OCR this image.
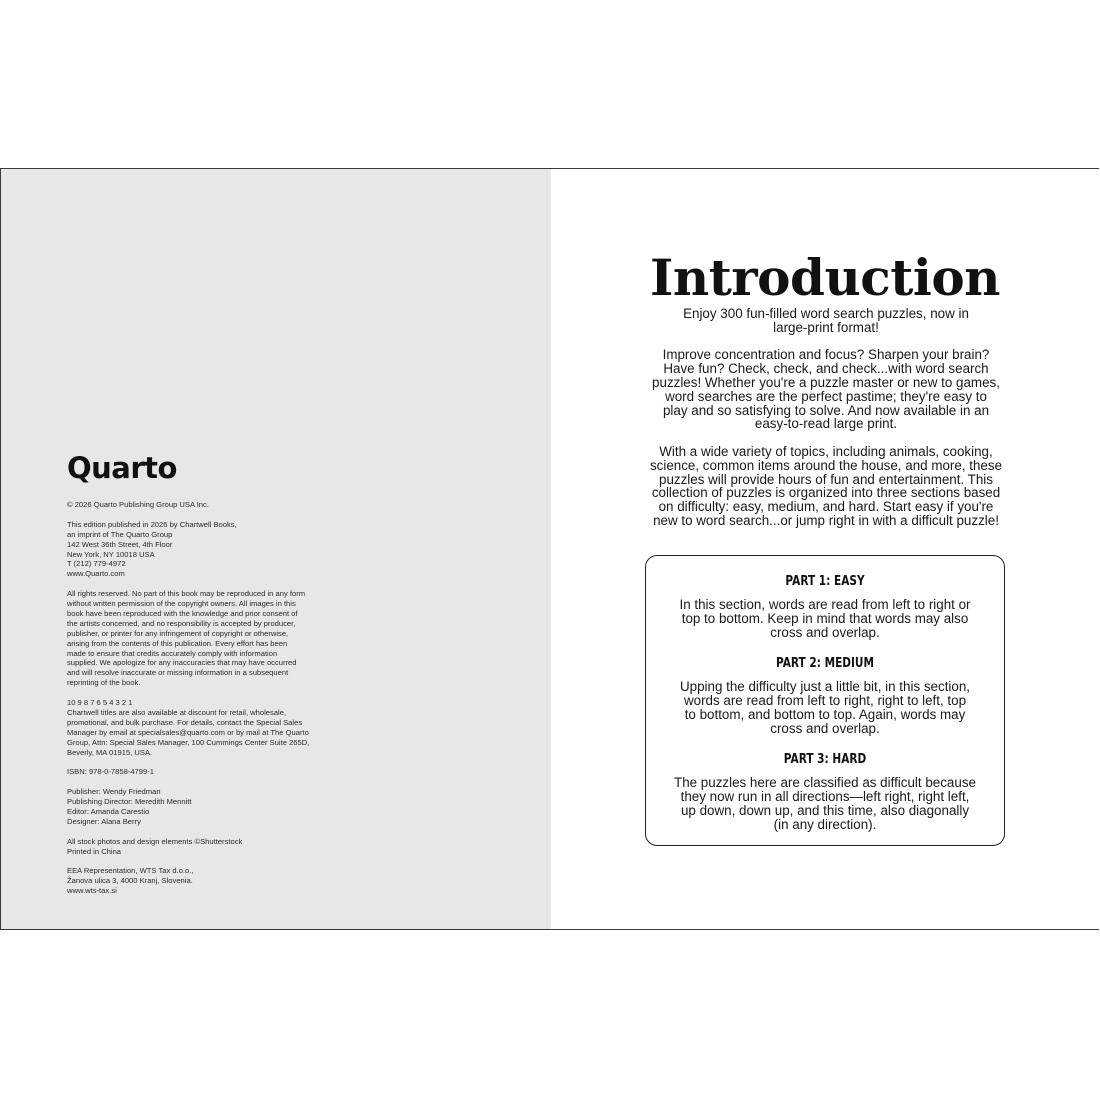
Quarto

© 2026 Quarto Publishing Group USA Inc.

This edition published in 2026 by Chartwell Books,
an imprint of The Quarto Group
142 West 36th Street, 4th Floor
New York, NY 10018 USA
T (212) 779-4972
www.Quarto.com

All rights reserved. No part of this book may be reproduced in any form
without written permission of the copyright owners. All images in this
book have been reproduced with the knowledge and prior consent of
the artists concerned, and no responsibility is accepted by producer,
publisher, or printer for any infringement of copyright or otherwise,
arising from the contents of this publication. Every effort has been
made to ensure that credits accurately comply with information
supplied. We apologize for any inaccuracies that may have occurred
and will resolve inaccurate or missing information in a subsequent
reprinting of the book.

10 9 8 7 6 5 4 3 2 1
Chartwell titles are also available at discount for retail, wholesale,
promotional, and bulk purchase. For details, contact the Special Sales
Manager by email at specialsales@quarto.com or by mail at The Quarto
Group, Attn: Special Sales Manager, 100 Cummings Center Suite 265D,
Beverly, MA 01915, USA.

ISBN: 978-0-7858-4799-1

Publisher: Wendy Friedman
Publishing Director: Meredith Mennitt
Editor: Amanda Carestio
Designer: Alana Berry

All stock photos and design elements ©Shutterstock
Printed in China

EEA Representation, WTS Tax d.o.o.,
Žanova ulica 3, 4000 Kranj, Slovenia.
www.wts-tax.si

Introduction

Enjoy 300 fun-filled word search puzzles, now in
large-print format!

Improve concentration and focus? Sharpen your brain?
Have fun? Check, check, and check...with word search
puzzles! Whether you're a puzzle master or new to games,
word searches are the perfect pastime; they're easy to
play and so satisfying to solve. And now available in an
easy-to-read large print.

With a wide variety of topics, including animals, cooking,
science, common items around the house, and more, these
puzzles will provide hours of fun and entertainment. This
collection of puzzles is organized into three sections based
on difficulty: easy, medium, and hard. Start easy if you're
new to word search...or jump right in with a difficult puzzle!

PART 1: EASY

In this section, words are read from left to right or
top to bottom. Keep in mind that words may also
cross and overlap.

PART 2: MEDIUM

Upping the difficulty just a little bit, in this section,
words are read from left to right, right to left, top
to bottom, and bottom to top. Again, words may
cross and overlap.

PART 3: HARD

The puzzles here are classified as difficult because
they now run in all directions—left right, right left,
up down, down up, and this time, also diagonally
(in any direction).
